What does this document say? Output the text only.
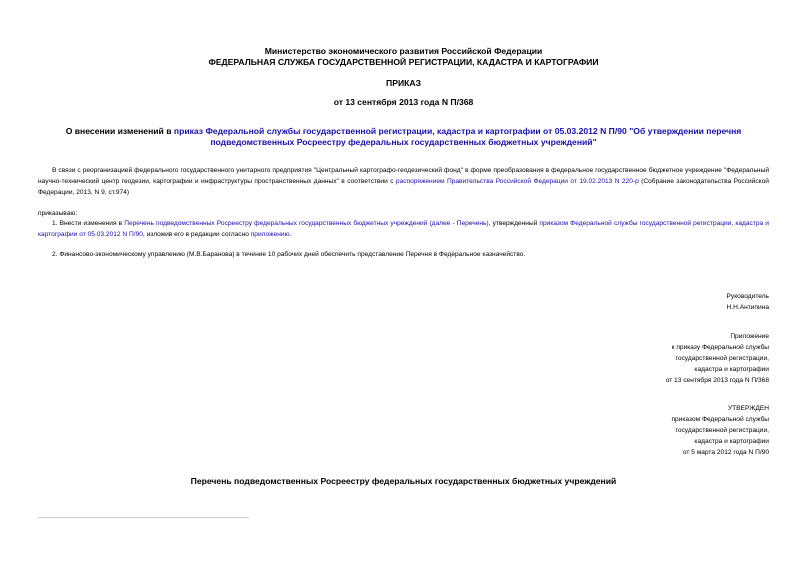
Министерство экономического развития Российской Федерации
ФЕДЕРАЛЬНАЯ СЛУЖБА ГОСУДАРСТВЕННОЙ РЕГИСТРАЦИИ, КАДАСТРА И КАРТОГРАФИИ
ПРИКАЗ
от 13 сентября 2013 года N П/368
О внесении изменений в приказ Федеральной службы государственной регистрации, кадастра и картографии от 05.03.2012 N П/90 "Об утверждении перечня
подведомственных Росреестру федеральных государственных бюджетных учреждений"
В связи с реорганизацией федерального государственного унитарного предприятия "Центральный картографо-геодезический фонд" в форме преобразования в федеральное государственное бюджетное учреждение "Федеральный научно-технический центр геодезии, картографии и инфраструктуры пространственных данных" в соответствии с распоряжением Правительства Российской Федерации от 19.02.2013 N 220-р (Собрание законодательства Российской Федерации, 2013, N 9, ст.974)
приказываю:
1. Внести изменения в Перечень подведомственных Росреестру федеральных государственных бюджетных учреждений (далее - Перечень), утвержденный приказом Федеральной службы государственной регистрации, кадастра и картографии от 05.03.2012 N П/90, изложив его в редакции согласно приложению.
2. Финансово-экономическому управлению (М.В.Баранова) в течение 10 рабочих дней обеспечить представление Перечня в Федеральное казначейство.
Руководитель
Н.Н.Антипина
Приложение
к приказу Федеральной службы
государственной регистрации,
кадастра и картографии
от 13 сентября 2013 года N П/368
УТВЕРЖДЕН
приказом Федеральной службы
государственной регистрации,
кадастра и картографии
от 5 марта 2012 года N П/90
Перечень подведомственных Росреестру федеральных государственных бюджетных учреждений
